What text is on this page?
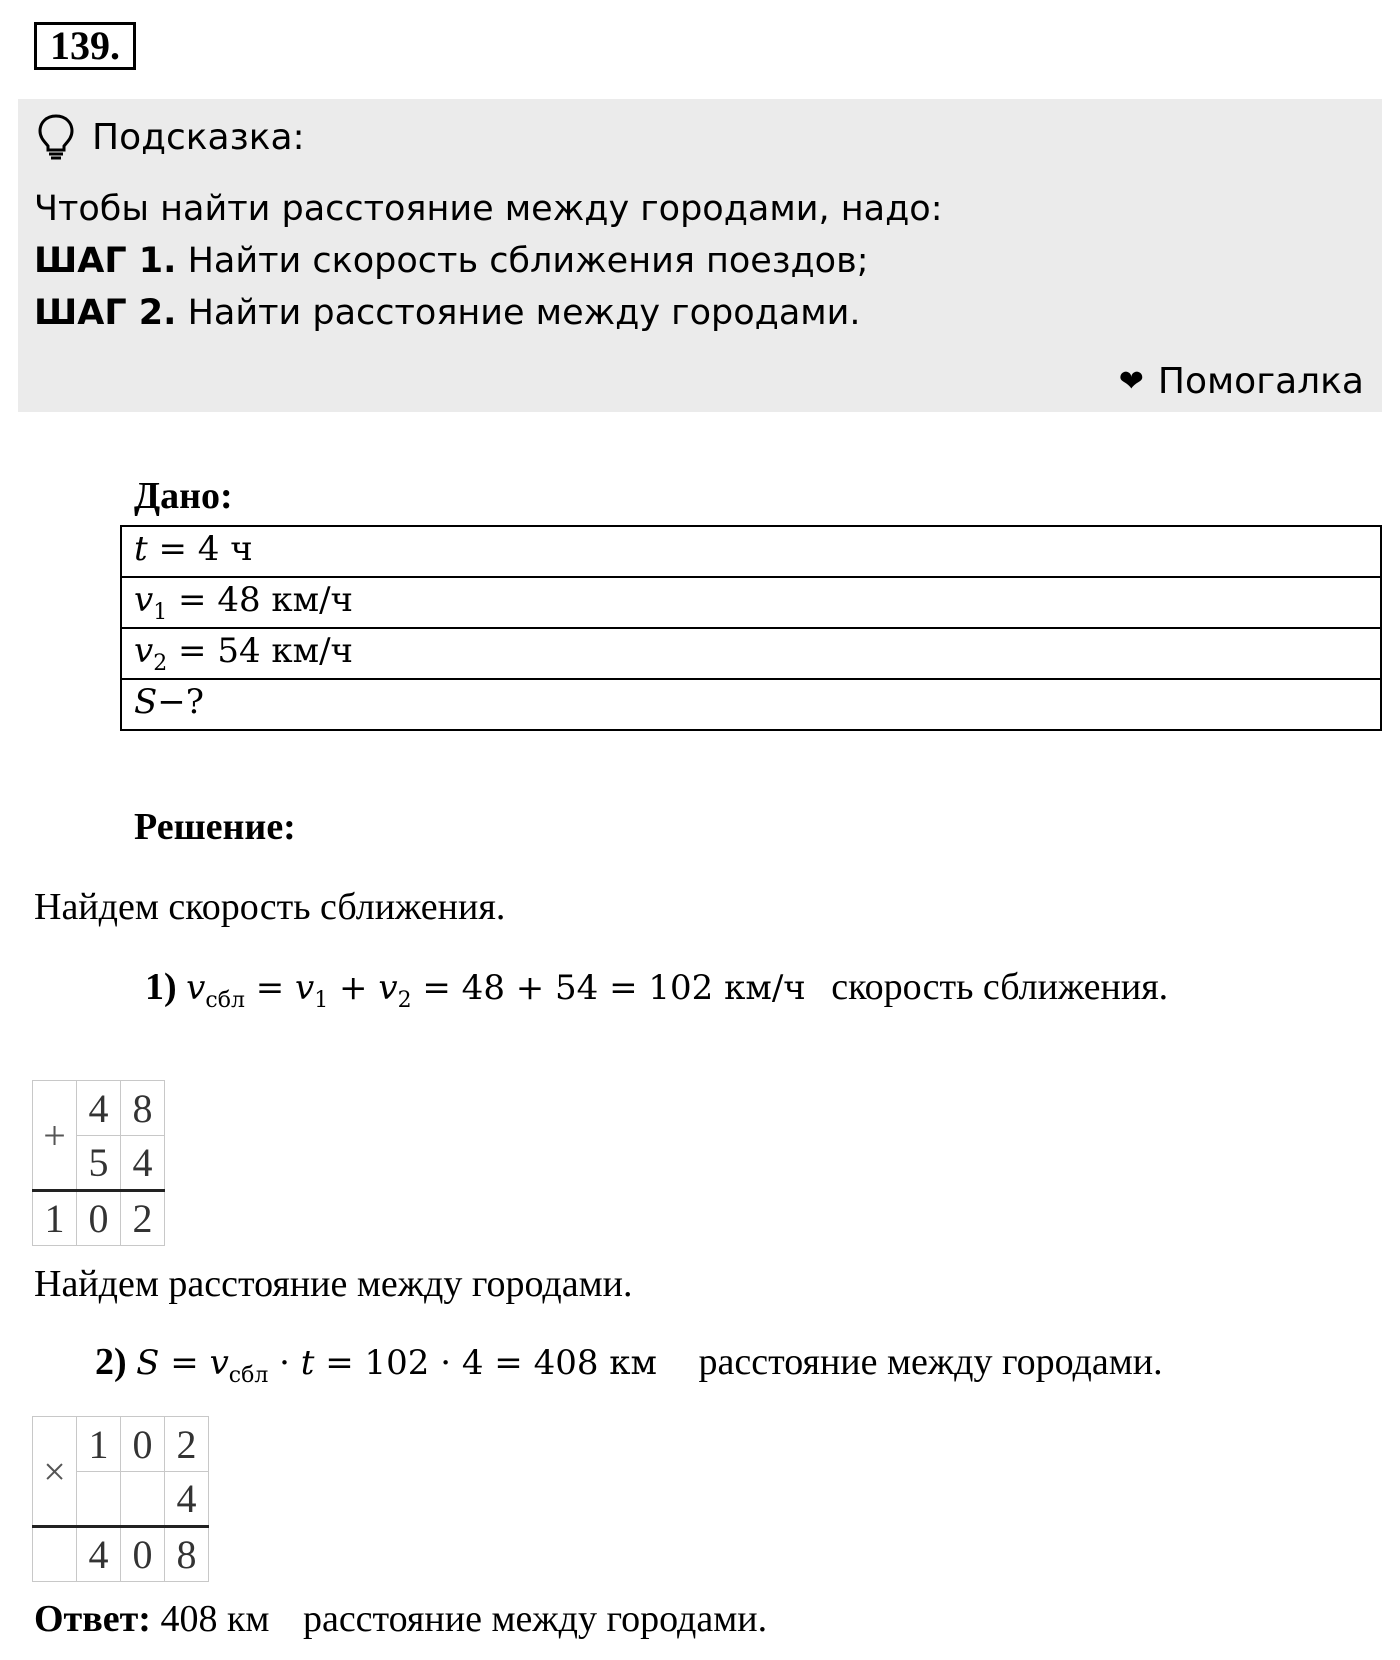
139.
Подсказка:
Чтобы найти расстояние между городами, надо:
ШАГ 1. Найти скорость сближения поездов;
ШАГ 2. Найти расстояние между городами.
❤ Помогалка
Дано:
t = 4 ч
$v_1 = 48$ км/ч
$v_2 = 54$ км/ч
S−?
Решение:
Найдем скорость сближения.
1) $v_{сбл} = v_1 + v_2 = 48 + 54 = 102$ км/ч скорость сближения.
+	4	8
	5	4
1	0	2
Найдем расстояние между городами.
2) $S = v_{сбл} \cdot t = 102 \cdot 4 = 408$ км расстояние между городами.
×	1	0	2
			4
	4	0	8
Ответ: 408 км расстояние между городами.
